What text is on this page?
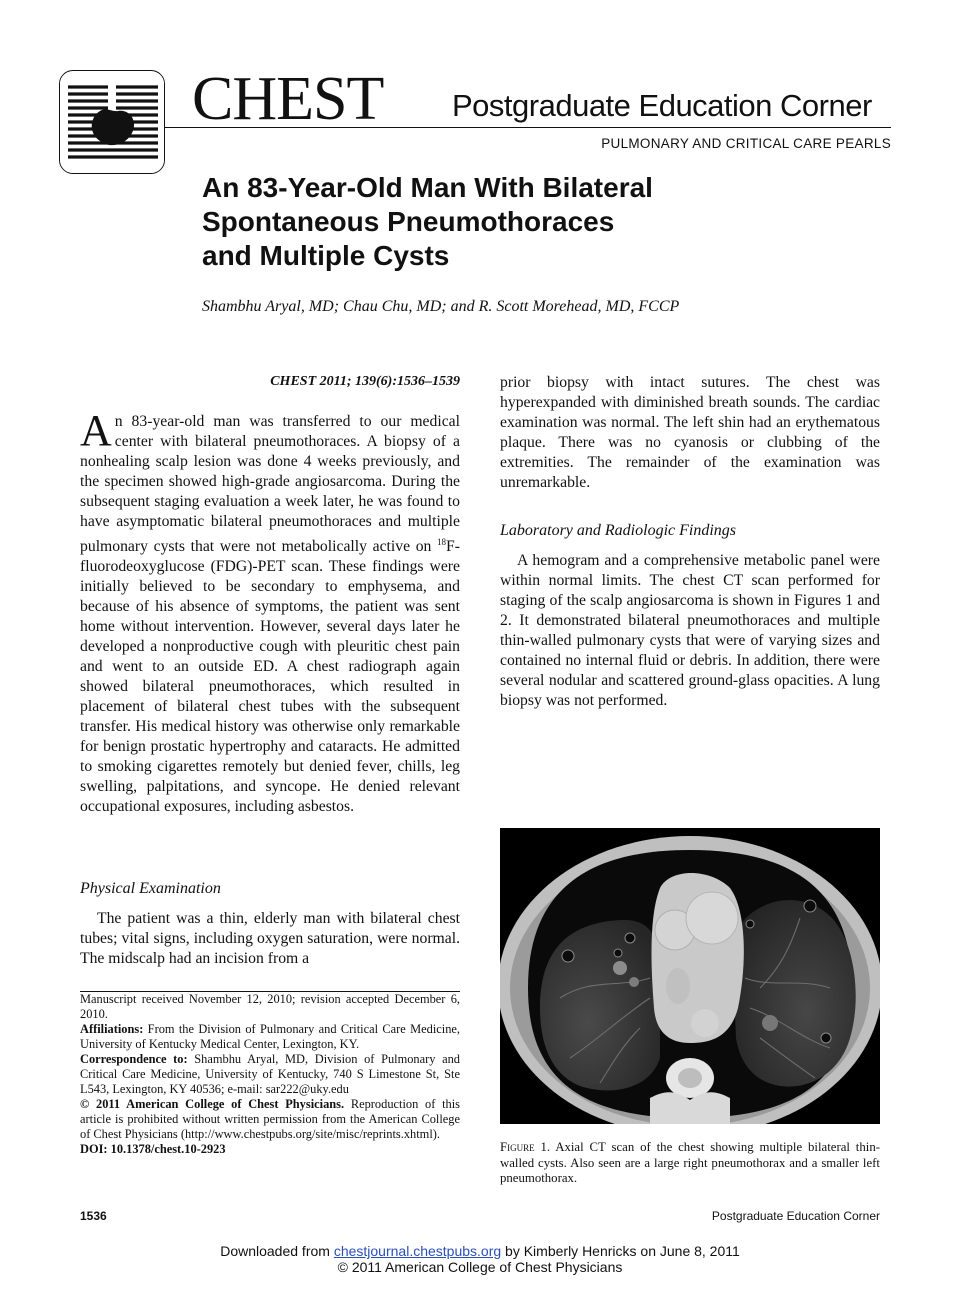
CHEST Postgraduate Education Corner
PULMONARY AND CRITICAL CARE PEARLS
An 83-Year-Old Man With Bilateral
Spontaneous Pneumothoraces
and Multiple Cysts
Shambhu Aryal, MD; Chau Chu, MD; and R. Scott Morehead, MD, FCCP
CHEST 2011; 139(6):1536–1539

An 83-year-old man was transferred to our medical center with bilateral pneumothoraces. A biopsy of a nonhealing scalp lesion was done 4 weeks previously, and the specimen showed high-grade angiosarcoma. During the subsequent staging evaluation a week later, he was found to have asymptomatic bilateral pneumothoraces and multiple pulmonary cysts that were not metabolically active on $^{18}$F-fluorodeoxyglucose (FDG)-PET scan. These findings were initially believed to be secondary to emphysema, and because of his absence of symptoms, the patient was sent home without intervention. However, several days later he developed a nonproductive cough with pleuritic chest pain and went to an outside ED. A chest radiograph again showed bilateral pneumothoraces, which resulted in placement of bilateral chest tubes with the subsequent transfer. His medical history was otherwise only remarkable for benign prostatic hypertrophy and cataracts. He admitted to smoking cigarettes remotely but denied fever, chills, leg swelling, palpitations, and syncope. He denied relevant occupational exposures, including asbestos.

Physical Examination

The patient was a thin, elderly man with bilateral chest tubes; vital signs, including oxygen saturation, were normal. The midscalp had an incision from a

Manuscript received November 12, 2010; revision accepted December 6, 2010.

Affiliations: From the Division of Pulmonary and Critical Care Medicine, University of Kentucky Medical Center, Lexington, KY.

Correspondence to: Shambhu Aryal, MD, Division of Pulmonary and Critical Care Medicine, University of Kentucky, 740 S Limestone St, Ste L543, Lexington, KY 40536; e-mail: sar222@uky.edu

© 2011 American College of Chest Physicians. Reproduction of this article is prohibited without written permission from the American College of Chest Physicians (http://www.chestpubs.org/site/misc/reprints.xhtml).

DOI: 10.1378/chest.10-2923

prior biopsy with intact sutures. The chest was hyperexpanded with diminished breath sounds. The cardiac examination was normal. The left shin had an erythematous plaque. There was no cyanosis or clubbing of the extremities. The remainder of the examination was unremarkable.

Laboratory and Radiologic Findings

A hemogram and a comprehensive metabolic panel were within normal limits. The chest CT scan performed for staging of the scalp angiosarcoma is shown in Figures 1 and 2. It demonstrated bilateral pneumothoraces and multiple thin-walled pulmonary cysts that were of varying sizes and contained no internal fluid or debris. In addition, there were several nodular and scattered ground-glass opacities. A lung biopsy was not performed.

Figure 1. Axial CT scan of the chest showing multiple bilateral thin-walled cysts. Also seen are a large right pneumothorax and a smaller left pneumothorax.
1536	Postgraduate Education Corner
Downloaded from chestjournal.chestpubs.org by Kimberly Henricks on June 8, 2011
© 2011 American College of Chest Physicians
